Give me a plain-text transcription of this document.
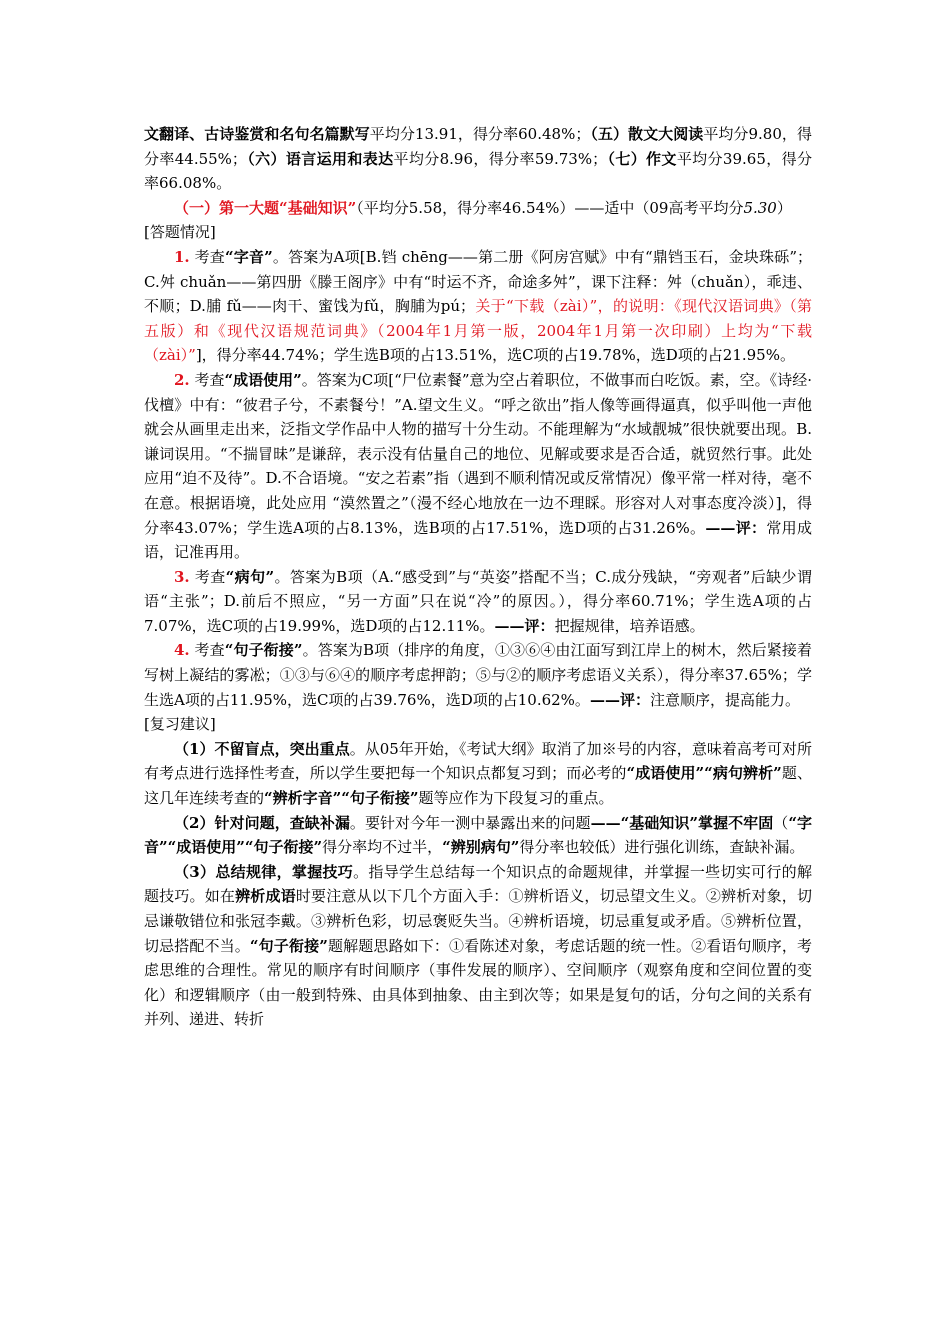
文翻译、古诗鉴赏和名句名篇默写平均分13.91，得分率60.48%；（五）散文大阅读平均分9.80，得分率44.55%；（六）语言运用和表达平均分8.96，得分率59.73%；（七）作文平均分39.65，得分率66.08%。

（一）第一大题“基础知识”（平均分5.58，得分率46.54%）——适中（09高考平均分5.30）

[答题情况]

1. 考查“字音”。答案为A项[B.铛 chēng——第二册《阿房宫赋》中有“鼎铛玉石，金块珠砾”；C.舛 chuǎn——第四册《滕王阁序》中有“时运不齐，命途多舛”，课下注释：舛（chuǎn），乖违、不顺；D.脯 fǔ——肉干、蜜饯为fǔ，胸脯为pú；关于“下载（zài）”，的说明：《现代汉语词典》（第五版）和《现代汉语规范词典》（2004年1月第一版，2004年1月第一次印刷）上均为“下载（zài）”]，得分率44.74%；学生选B项的占13.51%，选C项的占19.78%，选D项的占21.95%。

2. 考查“成语使用”。答案为C项[“尸位素餐”意为空占着职位，不做事而白吃饭。素，空。《诗经·伐檀》中有：“彼君子兮，不素餐兮！”A.望文生义。“呼之欲出”指人像等画得逼真，似乎叫他一声他就会从画里走出来，泛指文学作品中人物的描写十分生动。不能理解为“水域靓城”很快就要出现。B.谦词误用。“不揣冒昧”是谦辞，表示没有估量自己的地位、见解或要求是否合适，就贸然行事。此处应用“迫不及待”。D.不合语境。“安之若素”指（遇到不顺利情况或反常情况）像平常一样对待，毫不在意。根据语境，此处应用 “漠然置之”（漫不经心地放在一边不理睬。形容对人对事态度冷淡）]，得分率43.07%；学生选A项的占8.13%，选B项的占17.51%，选D项的占31.26%。——评：常用成语，记准再用。

3. 考查“病句”。答案为B项（A.“感受到”与“英姿”搭配不当；C.成分残缺，“旁观者”后缺少谓语“主张”；D.前后不照应，“另一方面”只在说“冷”的原因。），得分率60.71%；学生选A项的占7.07%，选C项的占19.99%，选D项的占12.11%。——评：把握规律，培养语感。

4. 考查“句子衔接”。答案为B项（排序的角度，①③⑥④由江面写到江岸上的树木，然后紧接着写树上凝结的雾凇；①③与⑥④的顺序考虑押韵；⑤与②的顺序考虑语义关系），得分率37.65%；学生选A项的占11.95%，选C项的占39.76%，选D项的占10.62%。——评：注意顺序，提高能力。

[复习建议]

（1）不留盲点，突出重点。从05年开始，《考试大纲》取消了加※号的内容，意味着高考可对所有考点进行选择性考查，所以学生要把每一个知识点都复习到；而必考的“成语使用”“病句辨析”题、这几年连续考查的“辨析字音”“句子衔接”题等应作为下段复习的重点。

（2）针对问题，查缺补漏。要针对今年一测中暴露出来的问题——“基础知识”掌握不牢固（“字音”“成语使用”“句子衔接”得分率均不过半，“辨别病句”得分率也较低）进行强化训练，查缺补漏。

（3）总结规律，掌握技巧。指导学生总结每一个知识点的命题规律，并掌握一些切实可行的解题技巧。如在辨析成语时要注意从以下几个方面入手：①辨析语义，切忌望文生义。②辨析对象，切忌谦敬错位和张冠李戴。③辨析色彩，切忌褒贬失当。④辨析语境，切忌重复或矛盾。⑤辨析位置，切忌搭配不当。“句子衔接”题解题思路如下：①看陈述对象，考虑话题的统一性。②看语句顺序，考虑思维的合理性。常见的顺序有时间顺序（事件发展的顺序）、空间顺序（观察角度和空间位置的变化）和逻辑顺序（由一般到特殊、由具体到抽象、由主到次等；如果是复句的话，分句之间的关系有并列、递进、转折
